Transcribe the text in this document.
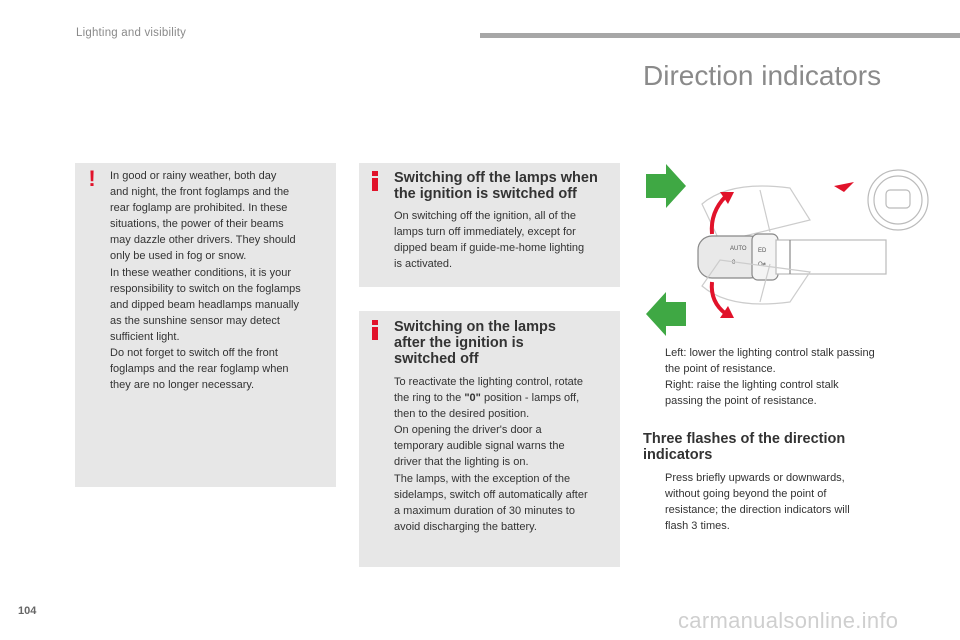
Lighting and visibility
Direction indicators
!	In good or rainy weather, both day
and night, the front foglamps and the
rear foglamp are prohibited. In these
situations, the power of their beams
may dazzle other drivers. They should
only be used in fog or snow.
In these weather conditions, it is your
responsibility to switch on the foglamps
and dipped beam headlamps manually
as the sunshine sensor may detect
sufficient light.
Do not forget to switch off the front
foglamps and the rear foglamp when
they are no longer necessary.
Switching off the lamps when
the ignition is switched off
On switching off the ignition, all of the
lamps turn off immediately, except for
dipped beam if guide-me-home lighting
is activated.
Switching on the lamps
after the ignition is
switched off
To reactivate the lighting control, rotate
the ring to the "0" position - lamps off,
then to the desired position.
On opening the driver's door a
temporary audible signal warns the
driver that the lighting is on.
The lamps, with the exception of the
sidelamps, switch off automatically after
a maximum duration of 30 minutes to
avoid discharging the battery.
AUTO
0
ED
O≠
Left: lower the lighting control stalk passing
the point of resistance.
Right: raise the lighting control stalk
passing the point of resistance.
Three flashes of the direction
indicators
Press briefly upwards or downwards,
without going beyond the point of
resistance; the direction indicators will
flash 3 times.
104	carmanualsonline.info
